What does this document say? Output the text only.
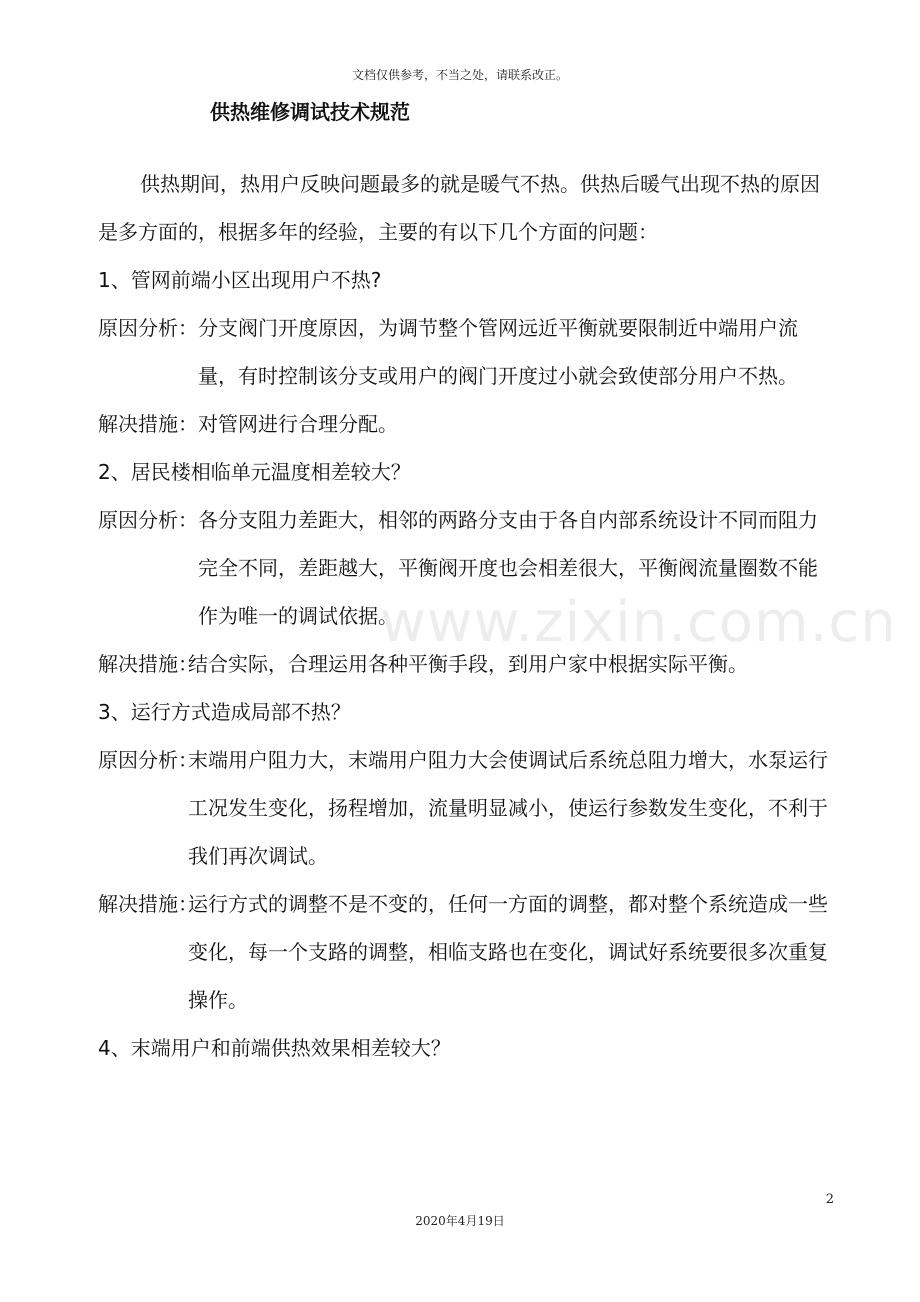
文档仅供参考，不当之处，请联系改正。
供热维修调试技术规范
www.zixin.com.cn

供热期间，热用户反映问题最多的就是暖气不热。供热后暖气出现不热的原因是多方面的，根据多年的经验，主要的有以下几个方面的问题：

1、管网前端小区出现用户不热?

原因分析： 分支阀门开度原因，为调节整个管网远近平衡就要限制近中端用户流量，有时控制该分支或用户的阀门开度过小就会致使部分用户不热。
解决措施： 对管网进行合理分配。

2、居民楼相临单元温度相差较大？

原因分析： 各分支阻力差距大，相邻的两路分支由于各自内部系统设计不同而阻力完全不同，差距越大，平衡阀开度也会相差很大，平衡阀流量圈数不能作为唯一的调试依据。
解决措施：
结合实际，合理运用各种平衡手段，到用户家中根据实际平衡。

3、运行方式造成局部不热？

原因分析：
末端用户阻力大，末端用户阻力大会使调试后系统总阻力增大，水泵运行工况发生变化，扬程增加，流量明显减小，使运行参数发生变化，不利于我们再次调试。
解决措施：
运行方式的调整不是不变的，任何一方面的调整，都对整个系统造成一些变化，每一个支路的调整，相临支路也在变化，调试好系统要很多次重复操作。

4、末端用户和前端供热效果相差较大？

2
2020年4月19日
